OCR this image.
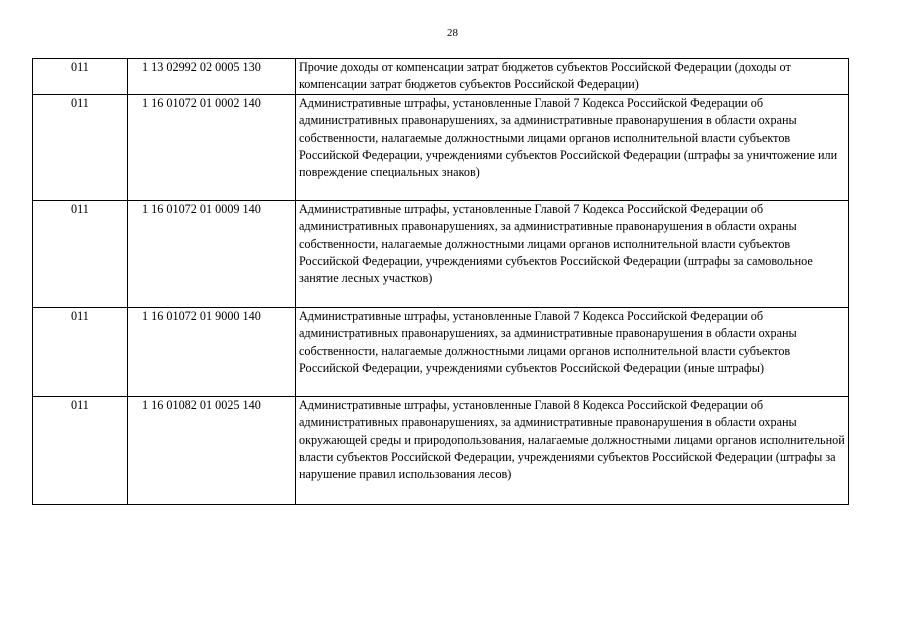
28
011	1 13 02992 02 0005 130	Прочие доходы от компенсации затрат бюджетов субъектов Российской Федерации (доходы от компенсации затрат бюджетов субъектов Российской Федерации)
011	1 16 01072 01 0002 140	Административные штрафы, установленные Главой 7 Кодекса Российской Федерации об административных правонарушениях, за административные правонарушения в области охраны собственности, налагаемые должностными лицами органов исполнительной власти субъектов Российской Федерации, учреждениями субъектов Российской Федерации (штрафы за уничтожение или повреждение специальных знаков)
011	1 16 01072 01 0009 140	Административные штрафы, установленные Главой 7 Кодекса Российской Федерации об административных правонарушениях, за административные правонарушения в области охраны собственности, налагаемые должностными лицами органов исполнительной власти субъектов Российской Федерации, учреждениями субъектов Российской Федерации (штрафы за самовольное занятие лесных участков)
011	1 16 01072 01 9000 140	Административные штрафы, установленные Главой 7 Кодекса Российской Федерации об административных правонарушениях, за административные правонарушения в области охраны собственности, налагаемые должностными лицами органов исполнительной власти субъектов Российской Федерации, учреждениями субъектов Российской Федерации (иные штрафы)
011	1 16 01082 01 0025 140	Административные штрафы, установленные Главой 8 Кодекса Российской Федерации об административных правонарушениях, за административные правонарушения в области охраны окружающей среды и природопользования, налагаемые должностными лицами органов исполнительной власти субъектов Российской Федерации, учреждениями субъектов Российской Федерации (штрафы за нарушение правил использования лесов)
